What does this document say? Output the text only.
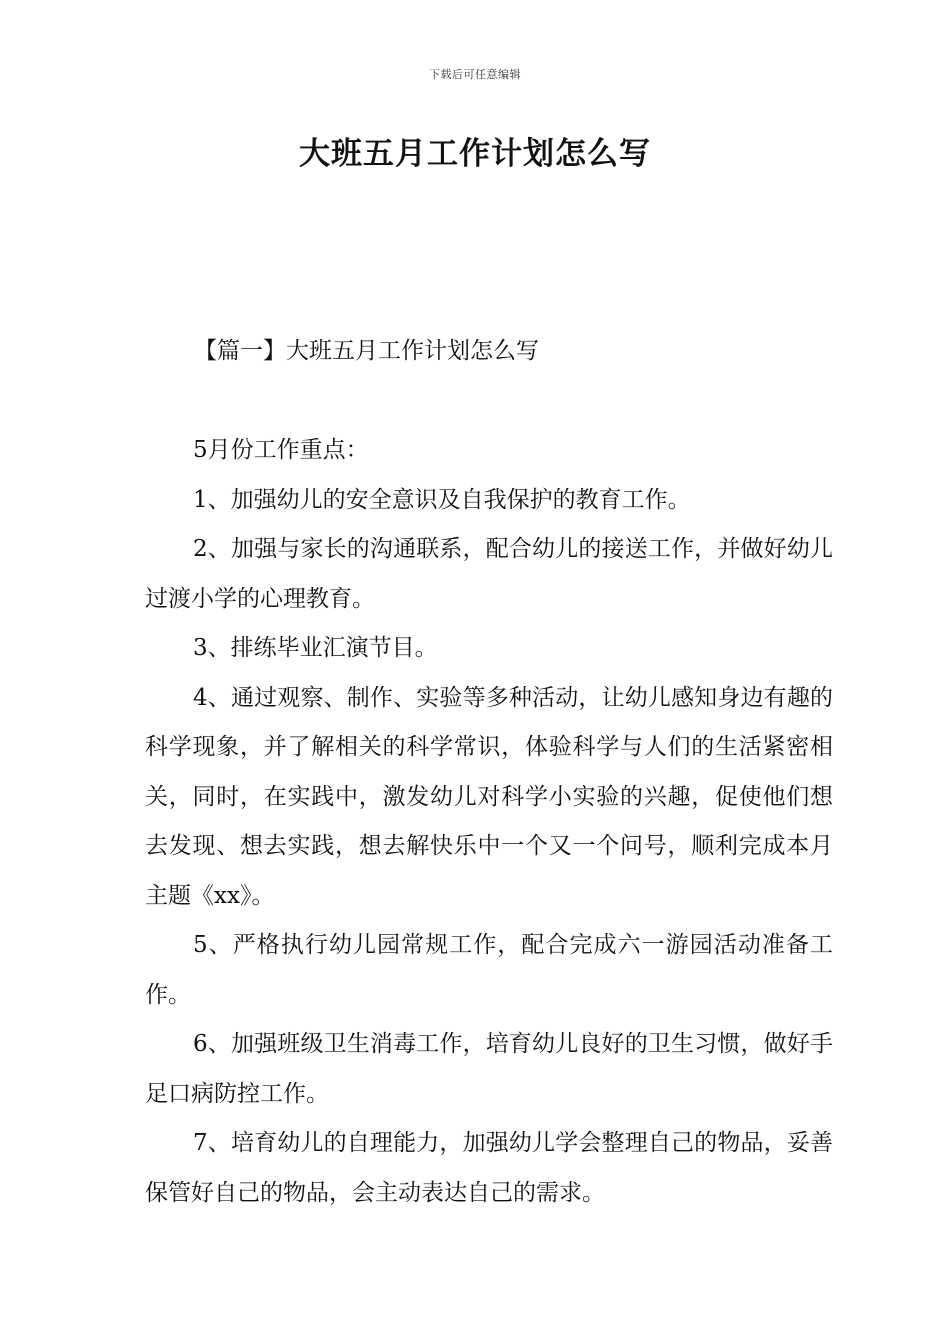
下载后可任意编辑
大班五月工作计划怎么写
【篇一】大班五月工作计划怎么写

5月份工作重点：

1、加强幼儿的安全意识及自我保护的教育工作。

2、加强与家长的沟通联系，配合幼儿的接送工作，并做好幼儿过渡小学的心理教育。

3、排练毕业汇演节目。

4、通过观察、制作、实验等多种活动，让幼儿感知身边有趣的科学现象，并了解相关的科学常识，体验科学与人们的生活紧密相关，同时，在实践中，激发幼儿对科学小实验的兴趣，促使他们想去发现、想去实践，想去解快乐中一个又一个问号，顺利完成本月主题《xx》。

5、严格执行幼儿园常规工作，配合完成六一游园活动准备工作。

6、加强班级卫生消毒工作，培育幼儿良好的卫生习惯，做好手足口病防控工作。

7、培育幼儿的自理能力，加强幼儿学会整理自己的物品，妥善保管好自己的物品，会主动表达自己的需求。
